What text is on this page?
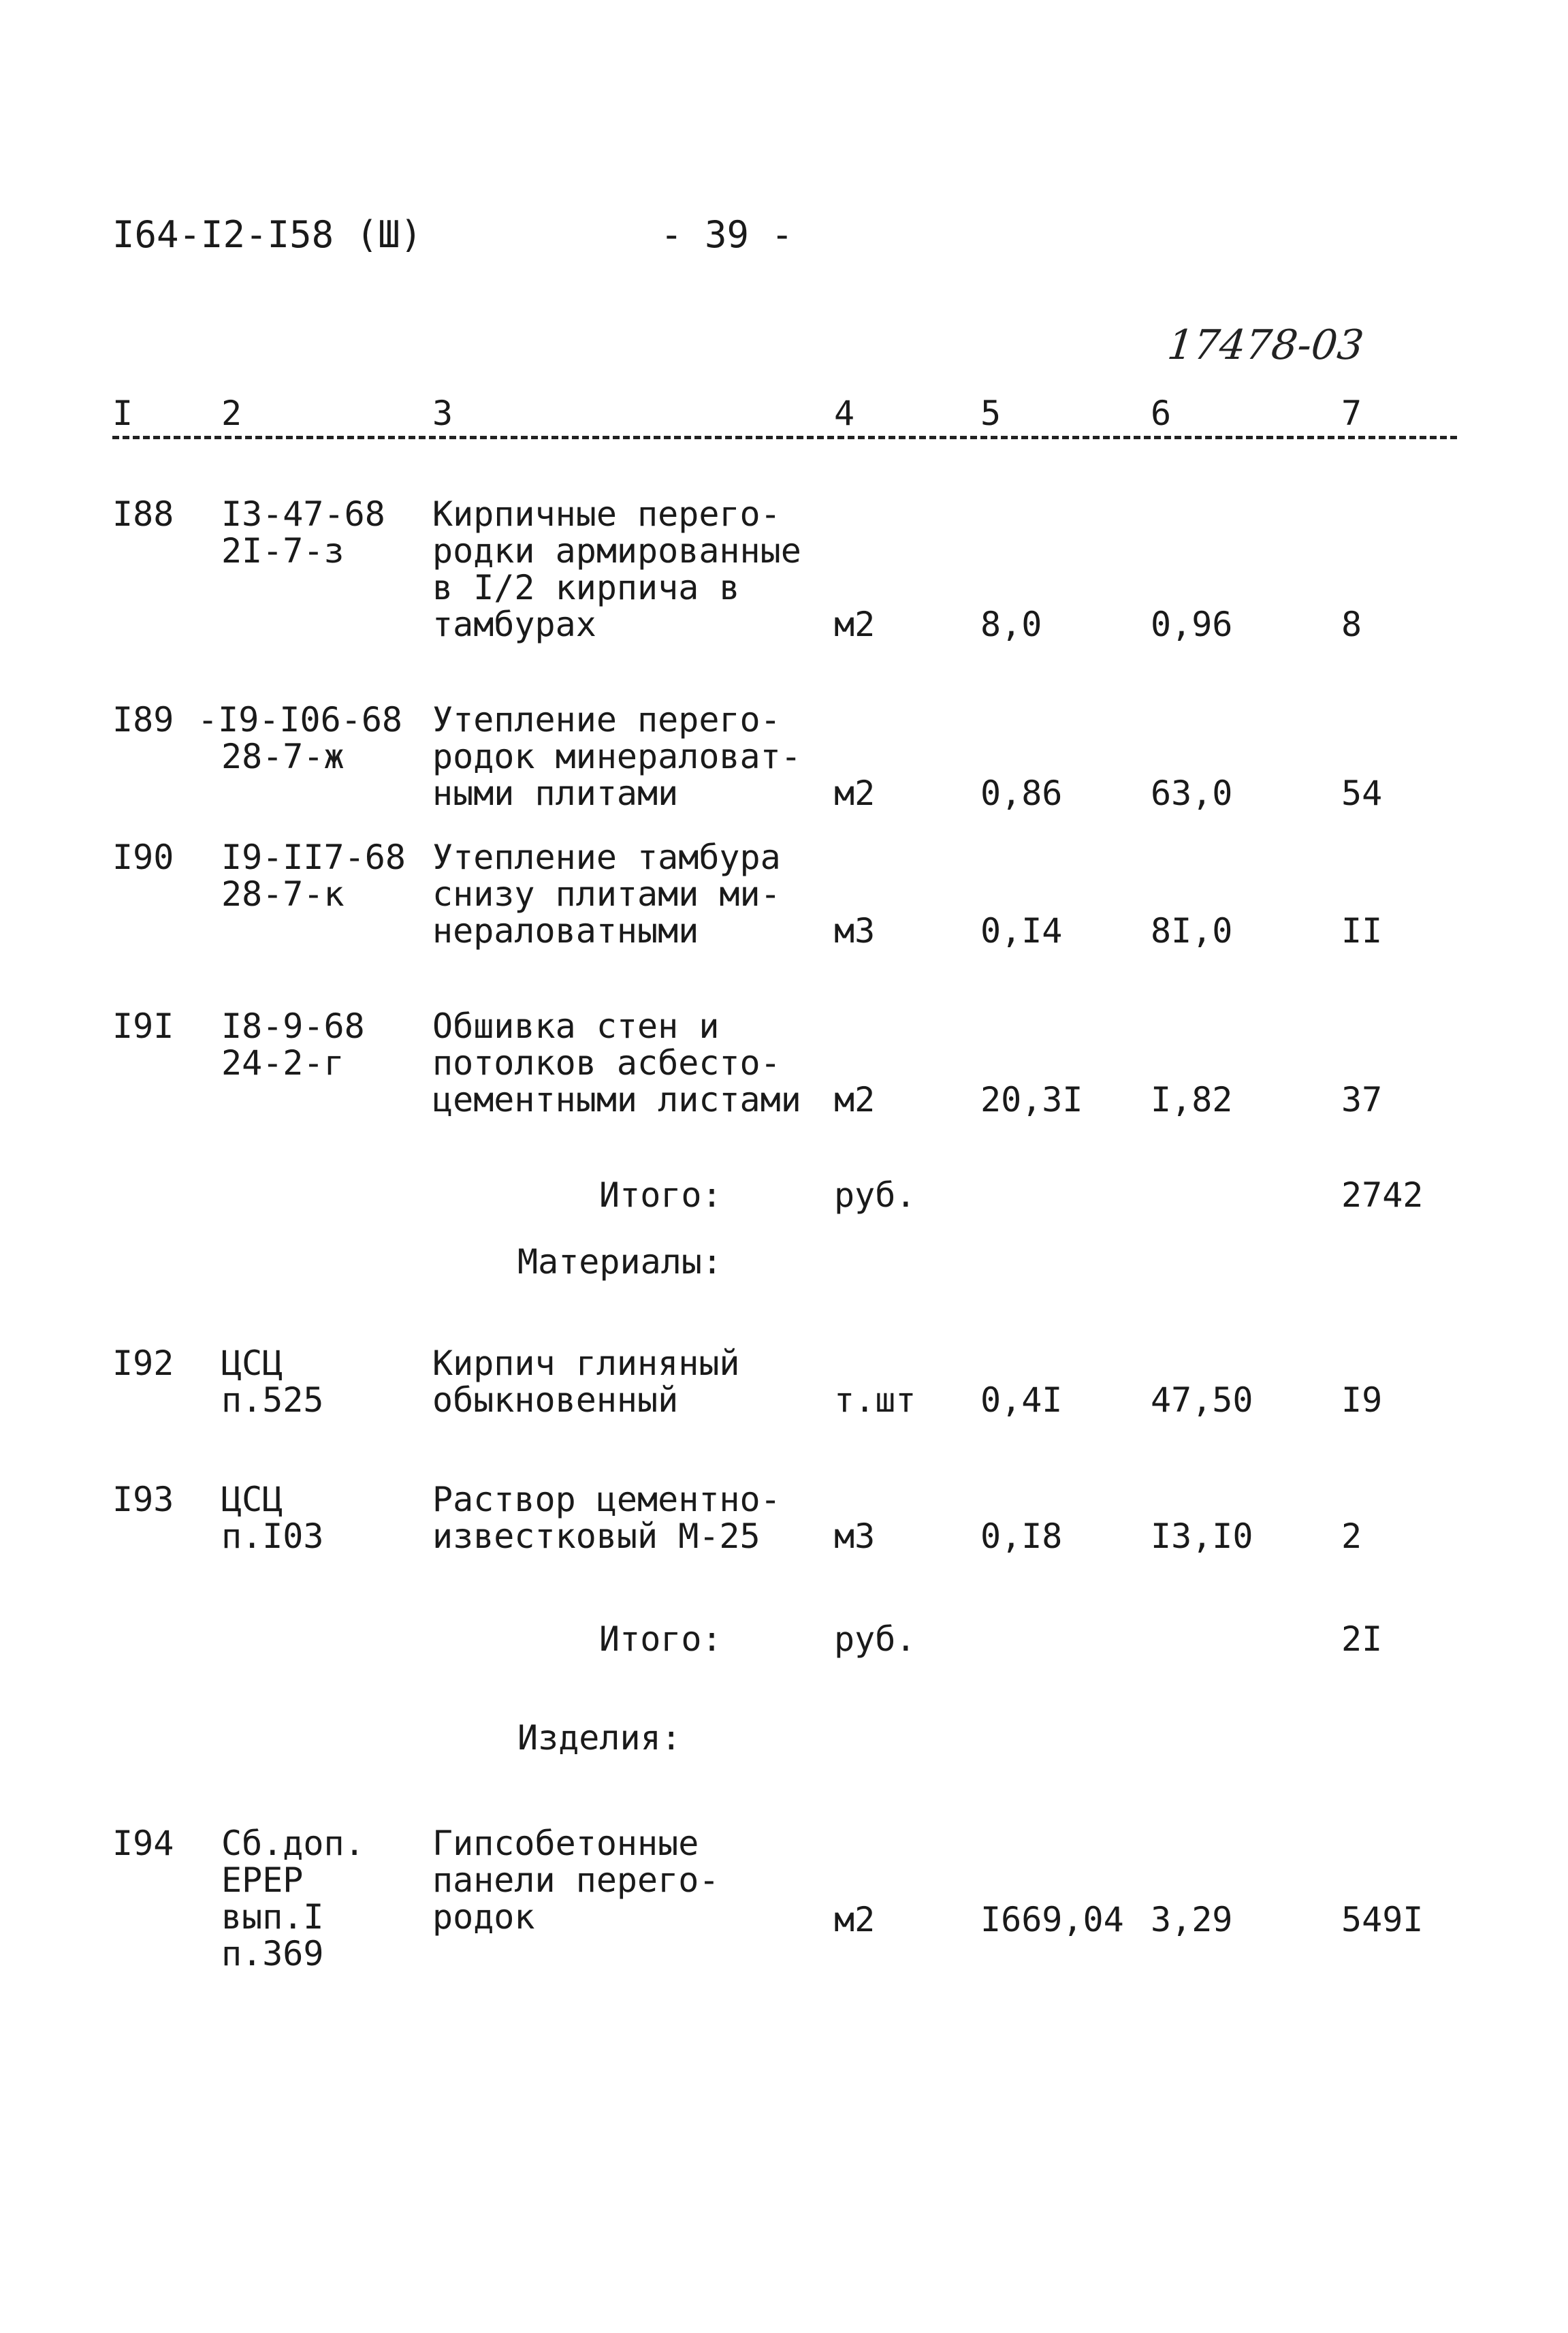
I64-I2-I58 (Ш)	- 39 -
17478-03
I	2	3	4	5	6	7
I88 I3-47-68
2I-7-з
Кирпичные перего-
родки армированные
в I/2 кирпича в
тамбурах	м2	8,0	0,96	8
I89 -I9-I06-68
28-7-ж
Утепление перего-
родок минераловат-
ными плитами	м2	0,86	63,0	54
I90 I9-II7-68
28-7-к
Утепление тамбура
снизу плитами ми-
нераловатными	м3	0,I4	8I,0	II
I9I I8-9-68
24-2-г
Обшивка стен и
потолков асбесто-
цементными листами м2	20,3I I,82	37
Итого:	руб.	2742
Материалы:
I92 ЦСЦ
п.525
Кирпич глиняный
обыкновенный	т.шт 0,4I	47,50	I9
I93 ЦСЦ
п.I03
Раствор цементно-
известковый М-25 м3	0,I8	I3,I0	2
Итого:	руб.	2I
Изделия:
I94 Сб.доп.
ЕРЕР
вып.I
п.369
Гипсобетонные
панели перего-
родок	м2	I669,04 3,29	549I
